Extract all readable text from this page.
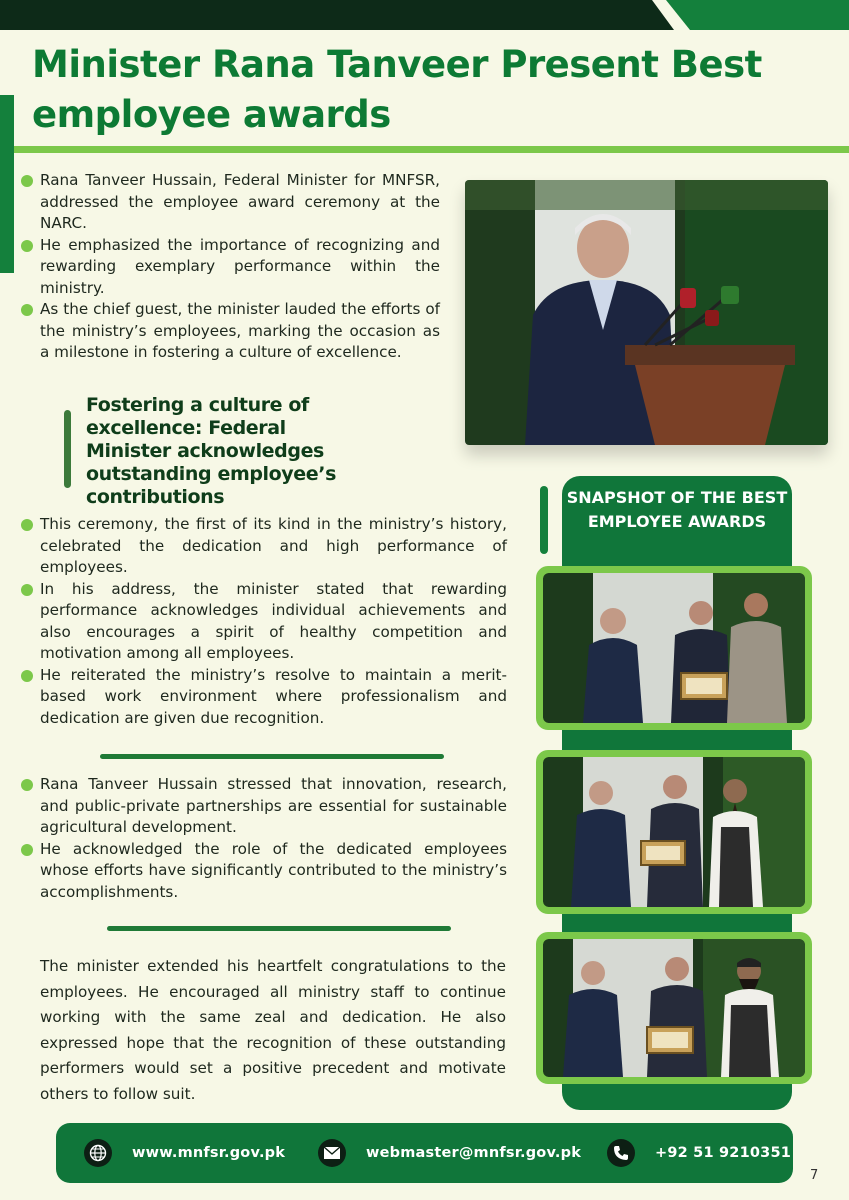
Minister Rana Tanveer Present Best employee awards
Rana Tanveer Hussain, Federal Minister for MNFSR, addressed the employee award ceremony at the NARC.
He emphasized the importance of recognizing and rewarding exemplary performance within the ministry.
As the chief guest, the minister lauded the efforts of the ministry’s employees, marking the occasion as a milestone in fostering a culture of excellence.
Fostering a culture of excellence: Federal Minister acknowledges outstanding employee’s contributions
This ceremony, the first of its kind in the ministry’s history, celebrated the dedication and high performance of employees.
In his address, the minister stated that rewarding performance acknowledges individual achievements and also encourages a spirit of healthy competition and motivation among all employees.
He reiterated the ministry’s resolve to maintain a merit-based work environment where professionalism and dedication are given due recognition.
Rana Tanveer Hussain stressed that innovation, research, and public-private partnerships are essential for sustainable agricultural development.
He acknowledged the role of the dedicated employees whose efforts have significantly contributed to the ministry’s accomplishments.

The minister extended his heartfelt congratulations to the employees. He encouraged all ministry staff to continue working with the same zeal and dedication. He also expressed hope that the recognition of these outstanding performers would set a positive precedent and motivate others to follow suit.

SNAPSHOT OF THE BEST EMPLOYEE AWARDS
www.mnfsr.gov.pk	webmaster@mnfsr.gov.pk	+92 51 9210351
7
